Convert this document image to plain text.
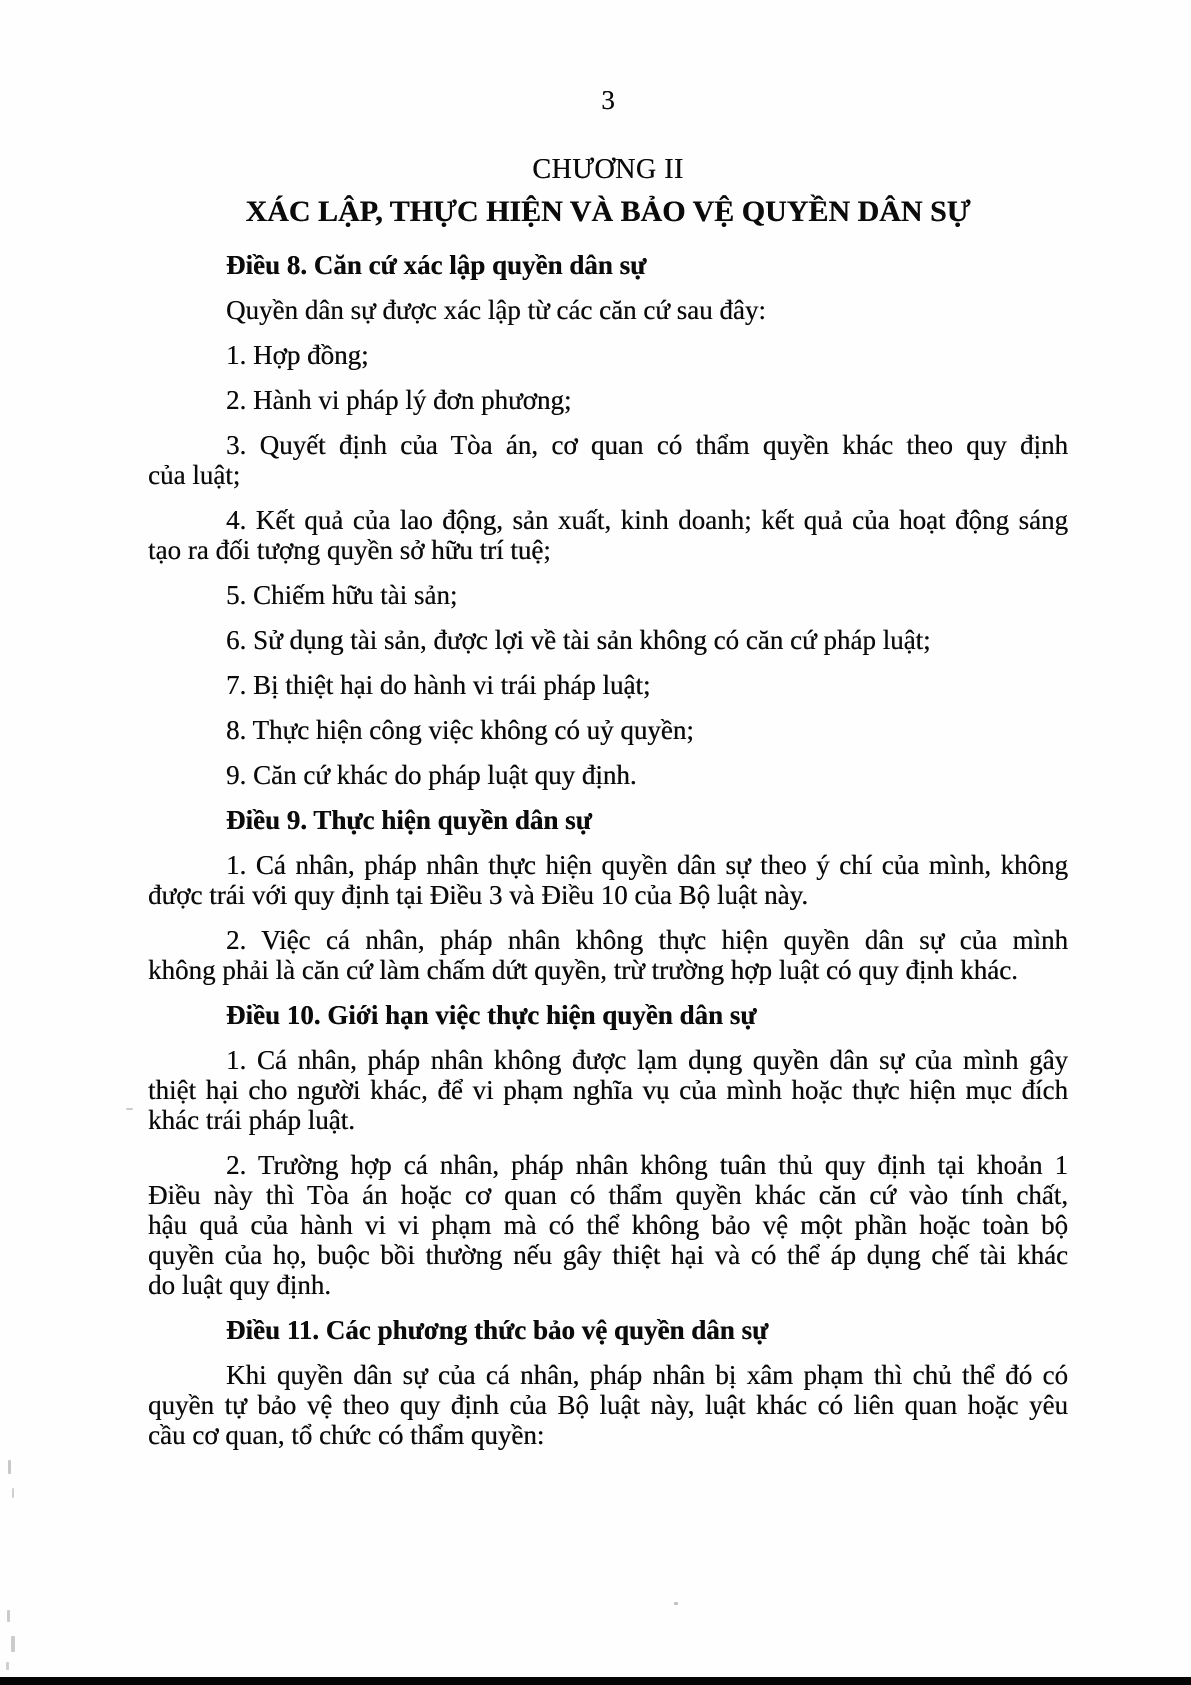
3
CHƯƠNG II
XÁC LẬP, THỰC HIỆN VÀ BẢO VỆ QUYỀN DÂN SỰ
Điều 8. Căn cứ xác lập quyền dân sự
Quyền dân sự được xác lập từ các căn cứ sau đây:
1. Hợp đồng;
2. Hành vi pháp lý đơn phương;
3. Quyết định của Tòa án, cơ quan có thẩm quyền khác theo quy định
của luật;
4. Kết quả của lao động, sản xuất, kinh doanh; kết quả của hoạt động sáng
tạo ra đối tượng quyền sở hữu trí tuệ;
5. Chiếm hữu tài sản;
6. Sử dụng tài sản, được lợi về tài sản không có căn cứ pháp luật;
7. Bị thiệt hại do hành vi trái pháp luật;
8. Thực hiện công việc không có uỷ quyền;
9. Căn cứ khác do pháp luật quy định.
Điều 9. Thực hiện quyền dân sự
1. Cá nhân, pháp nhân thực hiện quyền dân sự theo ý chí của mình, không
được trái với quy định tại Điều 3 và Điều 10 của Bộ luật này.
2. Việc cá nhân, pháp nhân không thực hiện quyền dân sự của mình
không phải là căn cứ làm chấm dứt quyền, trừ trường hợp luật có quy định khác.
Điều 10. Giới hạn việc thực hiện quyền dân sự
1. Cá nhân, pháp nhân không được lạm dụng quyền dân sự của mình gây
thiệt hại cho người khác, để vi phạm nghĩa vụ của mình hoặc thực hiện mục đích
khác trái pháp luật.
2. Trường hợp cá nhân, pháp nhân không tuân thủ quy định tại khoản 1
Điều này thì Tòa án hoặc cơ quan có thẩm quyền khác căn cứ vào tính chất,
hậu quả của hành vi vi phạm mà có thể không bảo vệ một phần hoặc toàn bộ
quyền của họ, buộc bồi thường nếu gây thiệt hại và có thể áp dụng chế tài khác
do luật quy định.
Điều 11. Các phương thức bảo vệ quyền dân sự
Khi quyền dân sự của cá nhân, pháp nhân bị xâm phạm thì chủ thể đó có
quyền tự bảo vệ theo quy định của Bộ luật này, luật khác có liên quan hoặc yêu
cầu cơ quan, tổ chức có thẩm quyền:
